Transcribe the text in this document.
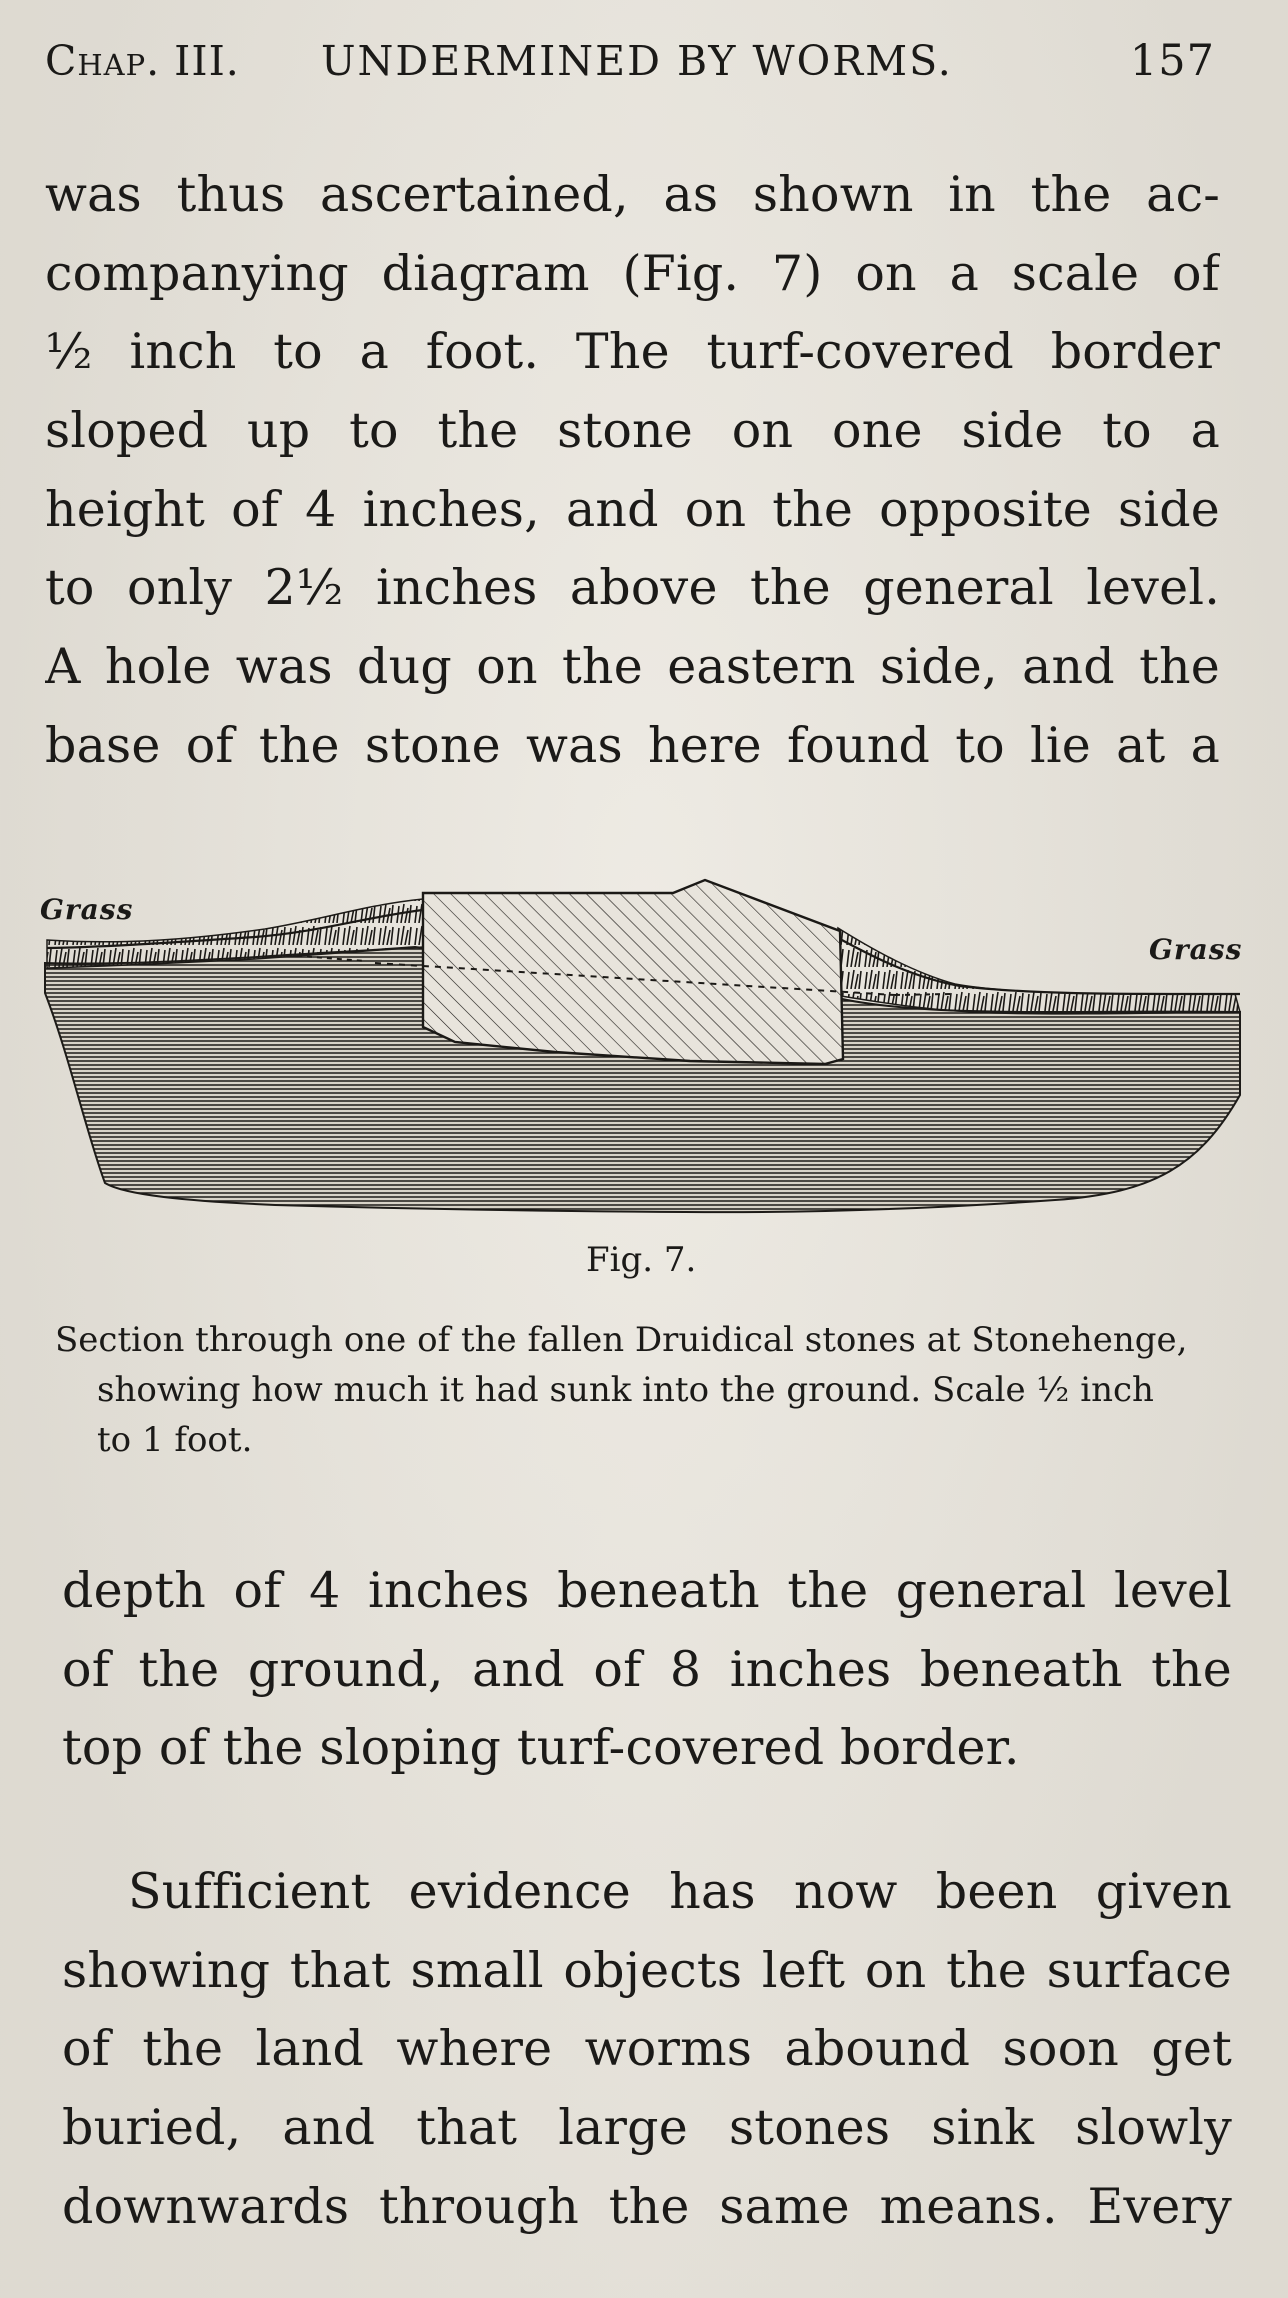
Chap. III. UNDERMINED BY WORMS.	157
was thus ascertained, as shown in the ac-
companying diagram (Fig. 7) on a scale of
½ inch to a foot. The turf-covered border
sloped up to the stone on one side to a
height of 4 inches, and on the opposite side
to only 2½ inches above the general level.
A hole was dug on the eastern side, and the
base of the stone was here found to lie at a
Grass
Grass
Fig. 7.
Section through one of the fallen Druidical stones at Stonehenge,
showing how much it had sunk into the ground. Scale ½ inch
to 1 foot.
depth of 4 inches beneath the general level
of the ground, and of 8 inches beneath the
top of the sloping turf-covered border.
Sufficient evidence has now been given
showing that small objects left on the surface
of the land where worms abound soon get
buried, and that large stones sink slowly
downwards through the same means. Every
